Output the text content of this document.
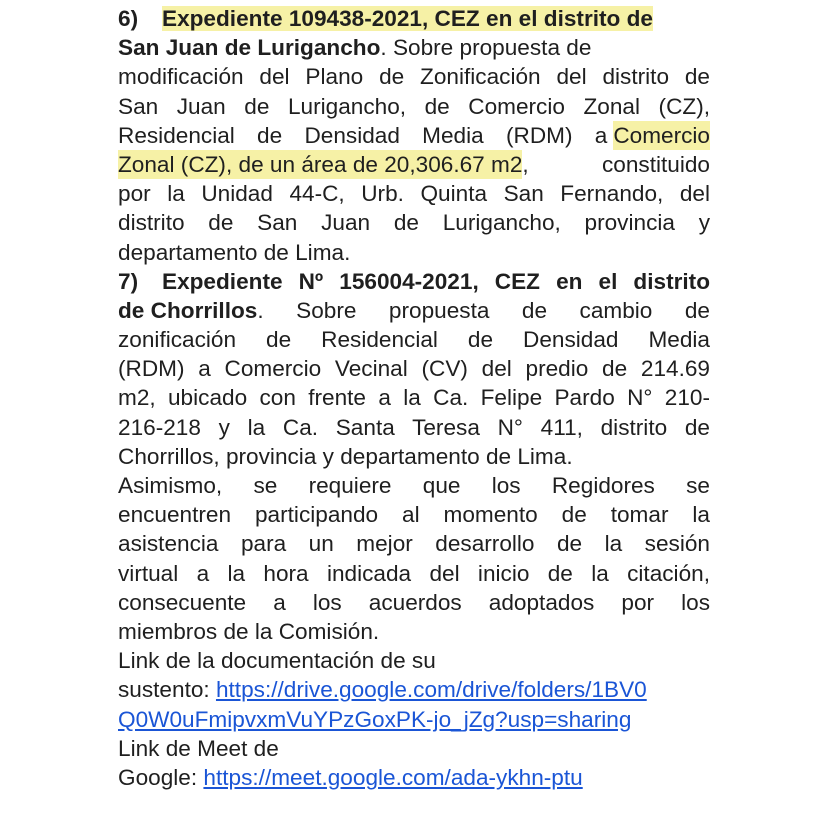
6) Expediente 109438-2021, CEZ en el distrito de
San Juan de Lurigancho . Sobre propuesta de
modificación del Plano de Zonificación del distrito de
San Juan de Lurigancho, de Comercio Zonal (CZ),
Residencial de Densidad Media (RDM) a Comercio
Zonal (CZ), de un área de 20,306.67 m2 , constituido
por la Unidad 44-C, Urb. Quinta San Fernando, del
distrito de San Juan de Lurigancho, provincia y
departamento de Lima.
7)	Expediente Nº 156004-2021, CEZ en el distrito
de Chorrillos . Sobre propuesta de cambio de
zonificación de Residencial de Densidad Media
(RDM) a Comercio Vecinal (CV) del predio de 214.69
m2, ubicado con frente a la Ca. Felipe Pardo N° 210-
216-218 y la Ca. Santa Teresa N° 411, distrito de
Chorrillos, provincia y departamento de Lima.
Asimismo, se requiere que los Regidores se
encuentren participando al momento de tomar la
asistencia para un mejor desarrollo de la sesión
virtual a la hora indicada del inicio de la citación,
consecuente a los acuerdos adoptados por los
miembros de la Comisión.
Link de la documentación de su
sustento: https://drive.google.com/drive/folders/1BV0
Q0W0uFmipvxmVuYPzGoxPK-jo_jZg?usp=sharing
Link de Meet de
Google: https://meet.google.com/ada-ykhn-ptu
